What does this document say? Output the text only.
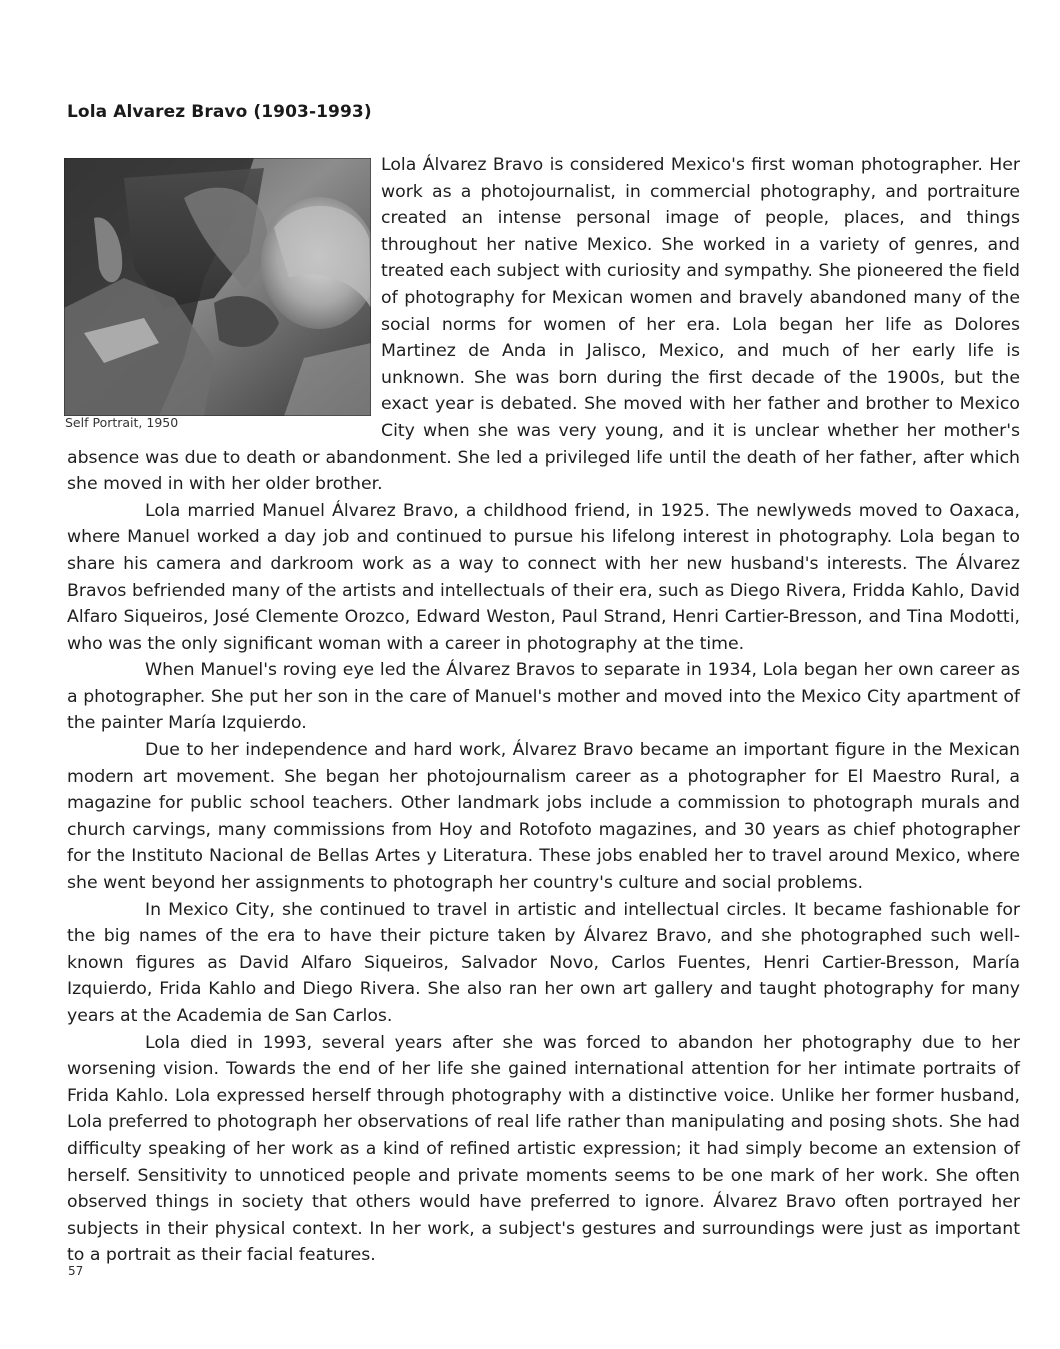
Lola Alvarez Bravo (1903-1993)
Self Portrait, 1950

Lola Álvarez Bravo is considered Mexico's first woman photographer. Her work as a photojournalist, in commercial photography, and portraiture created an intense personal image of people, places, and things throughout her native Mexico. She worked in a variety of genres, and treated each subject with curiosity and sympathy. She pioneered the field of photography for Mexican women and bravely abandoned many of the social norms for women of her era. Lola began her life as Dolores Martinez de Anda in Jalisco, Mexico, and much of her early life is unknown. She was born during the first decade of the 1900s, but the exact year is debated. She moved with her father and brother to Mexico City when she was very young, and it is unclear whether her mother's absence was due to death or abandonment. She led a privileged life until the death of her father, after which she moved in with her older brother.

Lola married Manuel Álvarez Bravo, a childhood friend, in 1925. The newlyweds moved to Oaxaca, where Manuel worked a day job and continued to pursue his lifelong interest in photography. Lola began to share his camera and darkroom work as a way to connect with her new husband's interests. The Álvarez Bravos befriended many of the artists and intellectuals of their era, such as Diego Rivera, Fridda Kahlo, David Alfaro Siqueiros, José Clemente Orozco, Edward Weston, Paul Strand, Henri Cartier-Bresson, and Tina Modotti, who was the only significant woman with a career in photography at the time.

When Manuel's roving eye led the Álvarez Bravos to separate in 1934, Lola began her own career as a photographer. She put her son in the care of Manuel's mother and moved into the Mexico City apartment of the painter María Izquierdo.

Due to her independence and hard work, Álvarez Bravo became an important figure in the Mexican modern art movement. She began her photojournalism career as a photographer for El Maestro Rural, a magazine for public school teachers. Other landmark jobs include a commission to photograph murals and church carvings, many commissions from Hoy and Rotofoto magazines, and 30 years as chief photographer for the Instituto Nacional de Bellas Artes y Literatura. These jobs enabled her to travel around Mexico, where she went beyond her assignments to photograph her country's culture and social problems.

In Mexico City, she continued to travel in artistic and intellectual circles. It became fashionable for the big names of the era to have their picture taken by Álvarez Bravo, and she photographed such well-known figures as David Alfaro Siqueiros, Salvador Novo, Carlos Fuentes, Henri Cartier-Bresson, María Izquierdo, Frida Kahlo and Diego Rivera. She also ran her own art gallery and taught photography for many years at the Academia de San Carlos.

Lola died in 1993, several years after she was forced to abandon her photography due to her worsening vision. Towards the end of her life she gained international attention for her intimate portraits of Frida Kahlo. Lola expressed herself through photography with a distinctive voice. Unlike her former husband, Lola preferred to photograph her observations of real life rather than manipulating and posing shots. She had difficulty speaking of her work as a kind of refined artistic expression; it had simply become an extension of herself. Sensitivity to unnoticed people and private moments seems to be one mark of her work. She often observed things in society that others would have preferred to ignore. Álvarez Bravo often portrayed her subjects in their physical context. In her work, a subject's gestures and surroundings were just as important to a portrait as their facial features.

57
